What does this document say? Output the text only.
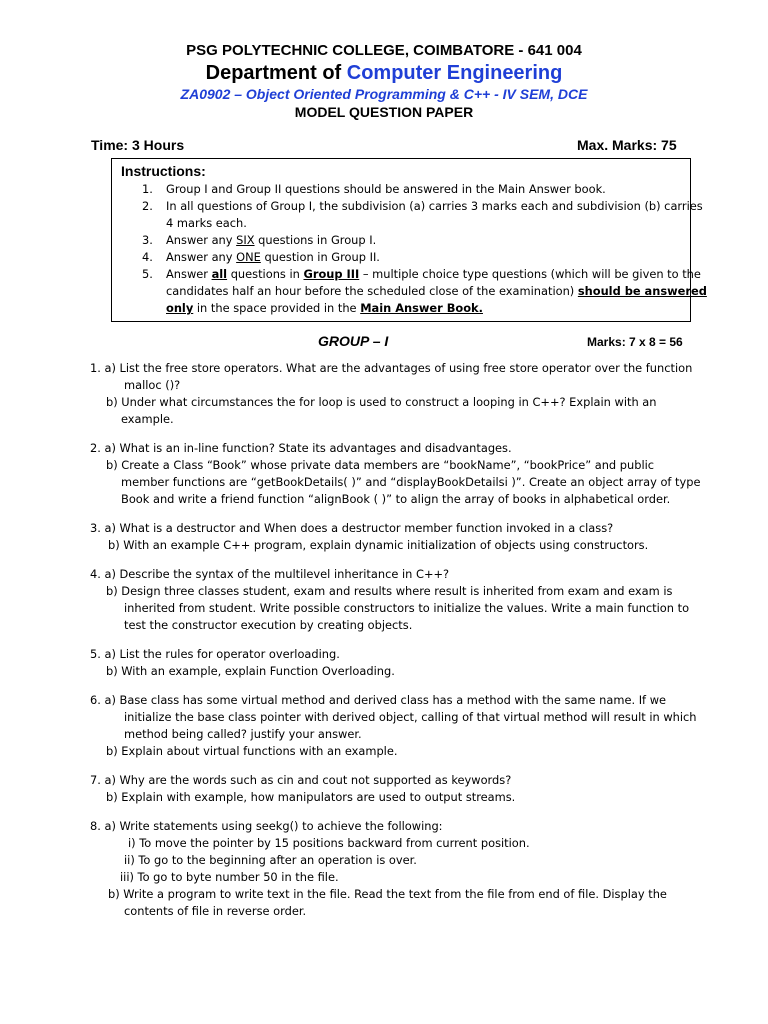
PSG POLYTECHNIC COLLEGE, COIMBATORE - 641 004
Department of Computer Engineering
ZA0902 – Object Oriented Programming & C++ - IV SEM, DCE
MODEL QUESTION PAPER
Time: 3 Hours	Max. Marks: 75
Instructions:
1. Group I and Group II questions should be answered in the Main Answer book.
2. In all questions of Group I, the subdivision (a) carries 3 marks each and subdivision (b) carries
4 marks each.
3. Answer any SIX questions in Group I.
4. Answer any ONE question in Group II.
5. Answer all questions in Group III – multiple choice type questions (which will be given to the
candidates half an hour before the scheduled close of the examination) should be answered
only in the space provided in the Main Answer Book.
GROUP – I	Marks: 7 x 8 = 56
1. a) List the free store operators. What are the advantages of using free store operator over the function
malloc ()?
b) Under what circumstances the for loop is used to construct a looping in C++? Explain with an
example.
2. a) What is an in-line function? State its advantages and disadvantages.
b) Create a Class “Book” whose private data members are “bookName”, “bookPrice” and public
member functions are “getBookDetails( )” and “displayBookDetailsi )”. Create an object array of type
Book and write a friend function “alignBook ( )” to align the array of books in alphabetical order.
3. a) What is a destructor and When does a destructor member function invoked in a class?
b) With an example C++ program, explain dynamic initialization of objects using constructors.
4. a) Describe the syntax of the multilevel inheritance in C++?
b) Design three classes student, exam and results where result is inherited from exam and exam is
inherited from student. Write possible constructors to initialize the values. Write a main function to
test the constructor execution by creating objects.
5. a) List the rules for operator overloading.
b) With an example, explain Function Overloading.
6. a) Base class has some virtual method and derived class has a method with the same name. If we
initialize the base class pointer with derived object, calling of that virtual method will result in which
method being called? justify your answer.
b) Explain about virtual functions with an example.
7. a) Why are the words such as cin and cout not supported as keywords?
b) Explain with example, how manipulators are used to output streams.
8. a) Write statements using seekg() to achieve the following:
i) To move the pointer by 15 positions backward from current position.
ii) To go to the beginning after an operation is over.
iii) To go to byte number 50 in the file.
b) Write a program to write text in the file. Read the text from the file from end of file. Display the
contents of file in reverse order.
